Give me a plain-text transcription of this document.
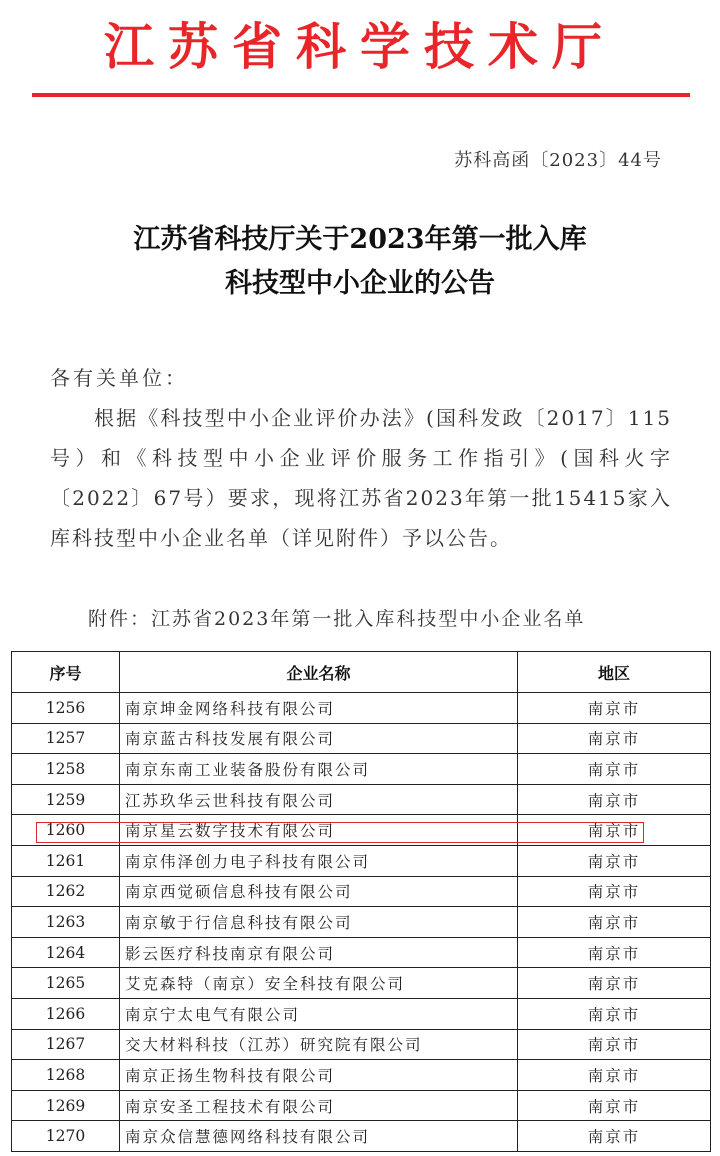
江苏省科学技术厅
苏科高函〔2023〕44号
江苏省科技厅关于2023年第一批入库
科技型中小企业的公告
各有关单位：
根据《科技型中小企业评价办法》(国科发政〔2017〕115号）和《科技型中小企业评价服务工作指引》(国科火字〔2022〕67号）要求，现将江苏省2023年第一批15415家入库科技型中小企业名单（详见附件）予以公告。
附件：江苏省2023年第一批入库科技型中小企业名单
序号	企业名称	地区
1256	南京坤金网络科技有限公司	南京市
1257	南京蓝古科技发展有限公司	南京市
1258	南京东南工业装备股份有限公司	南京市
1259	江苏玖华云世科技有限公司	南京市
1260	南京星云数字技术有限公司	南京市
1261	南京伟泽创力电子科技有限公司	南京市
1262	南京西觉硕信息科技有限公司	南京市
1263	南京敏于行信息科技有限公司	南京市
1264	影云医疗科技南京有限公司	南京市
1265	艾克森特（南京）安全科技有限公司	南京市
1266	南京宁太电气有限公司	南京市
1267	交大材料科技（江苏）研究院有限公司	南京市
1268	南京正扬生物科技有限公司	南京市
1269	南京安圣工程技术有限公司	南京市
1270	南京众信慧德网络科技有限公司	南京市
